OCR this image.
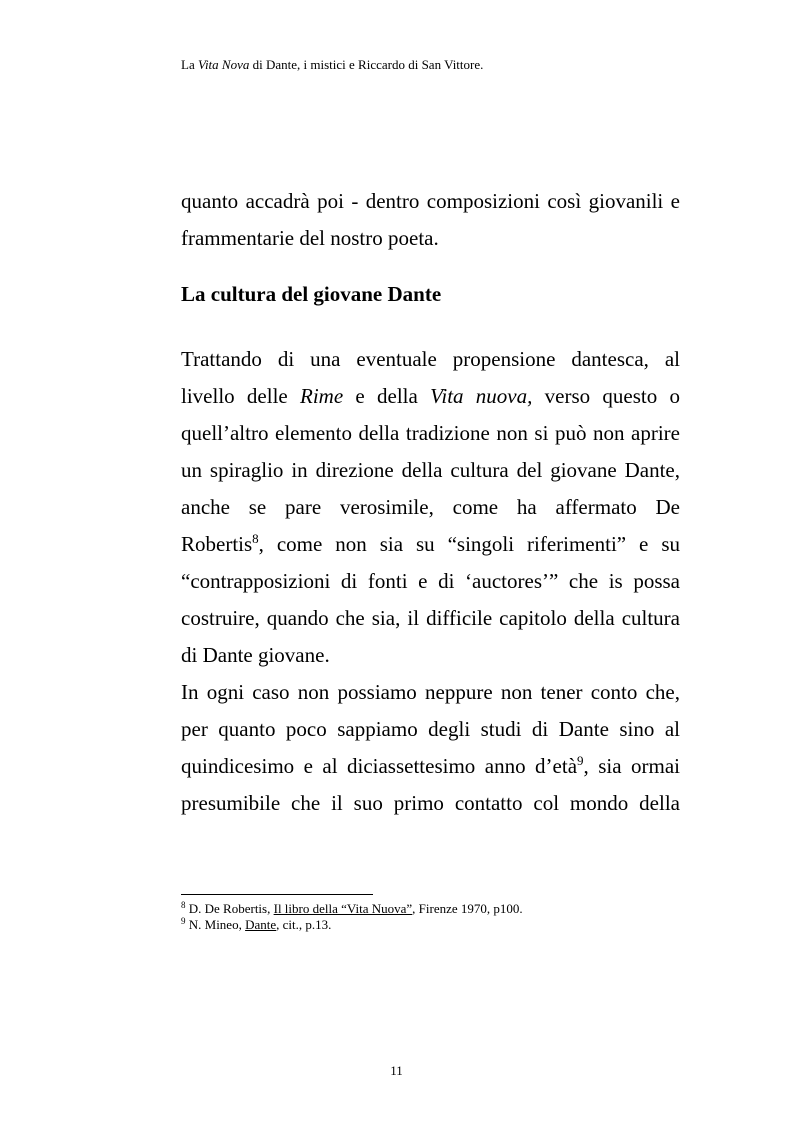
La Vita Nova di Dante, i mistici e Riccardo di San Vittore.
quanto accadrà poi - dentro composizioni così giovanili e
frammentarie del nostro poeta.
La cultura del giovane Dante
Trattando di una eventuale propensione dantesca, al
livello delle Rime e della Vita nuova, verso questo o
quell’altro elemento della tradizione non si può non aprire
un spiraglio in direzione della cultura del giovane Dante,
anche se pare verosimile, come ha affermato De
Robertis$^8$, come non sia su “singoli riferimenti” e su
“contrapposizioni di fonti e di ‘auctores’” che is possa
costruire, quando che sia, il difficile capitolo della cultura
di Dante giovane.
In ogni caso non possiamo neppure non tener conto che,
per quanto poco sappiamo degli studi di Dante sino al
quindicesimo e al diciassettesimo anno d’età$^9$, sia ormai
presumibile che il suo primo contatto col mondo della
$^8$ D. De Robertis, Il libro della “Vita Nuova”, Firenze 1970, p100.
$^9$ N. Mineo, Dante, cit., p.13.
11
